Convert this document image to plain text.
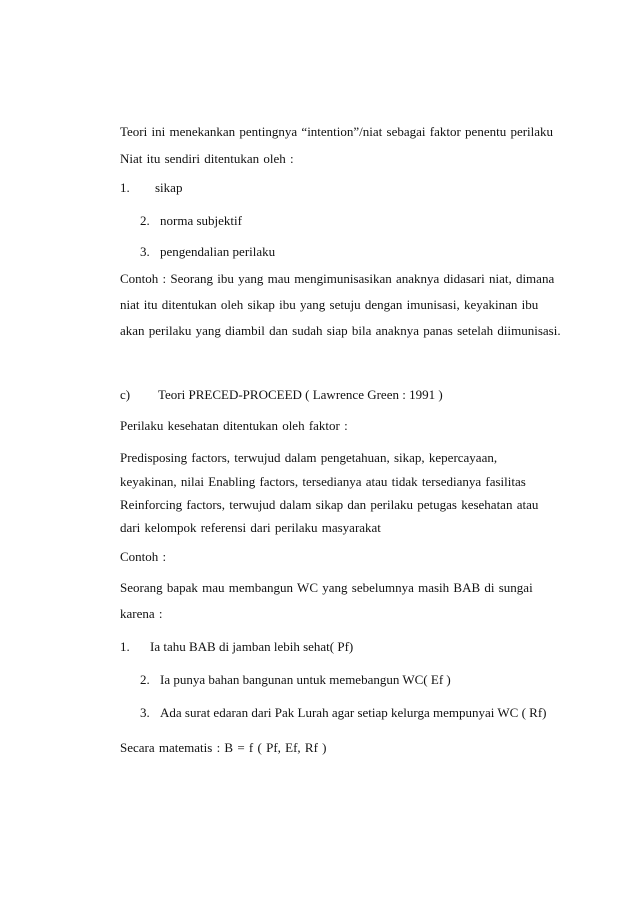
Teori ini menekankan pentingnya “intention”/niat sebagai faktor penentu perilaku

Niat itu sendiri ditentukan oleh :

1. sikap
2. norma subjektif
3. pengendalian perilaku

Contoh : Seorang ibu yang mau mengimunisasikan anaknya didasari niat, dimana

niat itu ditentukan oleh sikap ibu yang setuju dengan imunisasi, keyakinan ibu

akan perilaku yang diambil dan sudah siap bila anaknya panas setelah diimunisasi.

c) Teori PRECED-PROCEED ( Lawrence Green : 1991 )

Perilaku kesehatan ditentukan oleh faktor :

Predisposing factors, terwujud dalam pengetahuan, sikap, kepercayaan,

keyakinan, nilai Enabling factors, tersedianya atau tidak tersedianya fasilitas

Reinforcing factors, terwujud dalam sikap dan perilaku petugas kesehatan atau

dari kelompok referensi dari perilaku masyarakat

Contoh :

Seorang bapak mau membangun WC yang sebelumnya masih BAB di sungai

karena :

1. Ia tahu BAB di jamban lebih sehat( Pf)
2. Ia punya bahan bangunan untuk memebangun WC( Ef )
3. Ada surat edaran dari Pak Lurah agar setiap kelurga mempunyai WC ( Rf)

Secara matematis : B = f ( Pf, Ef, Rf )
